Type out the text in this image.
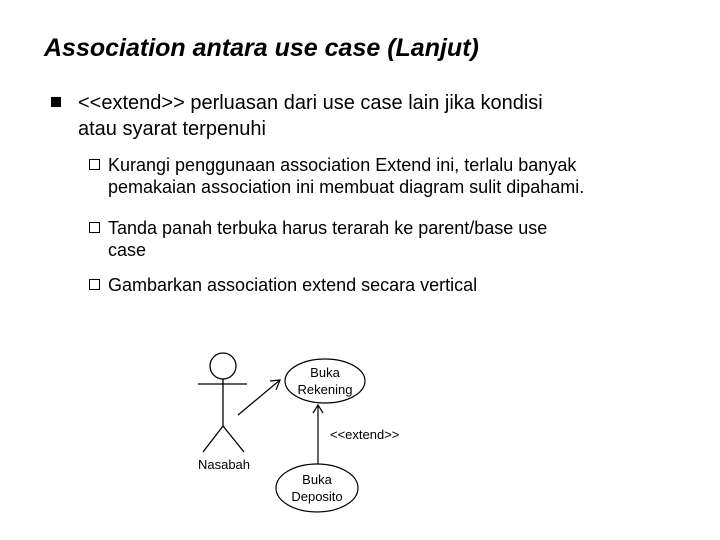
Association antara use case (Lanjut)
<<extend>> perluasan dari use case lain jika kondisi
atau syarat terpenuhi
Kurangi penggunaan association Extend ini, terlalu banyak
pemakaian association ini membuat diagram sulit dipahami.
Tanda panah terbuka harus terarah ke parent/base use
case
Gambarkan association extend secara vertical
Nasabah
Buka
Rekening
<<extend>>
Buka
Deposito
